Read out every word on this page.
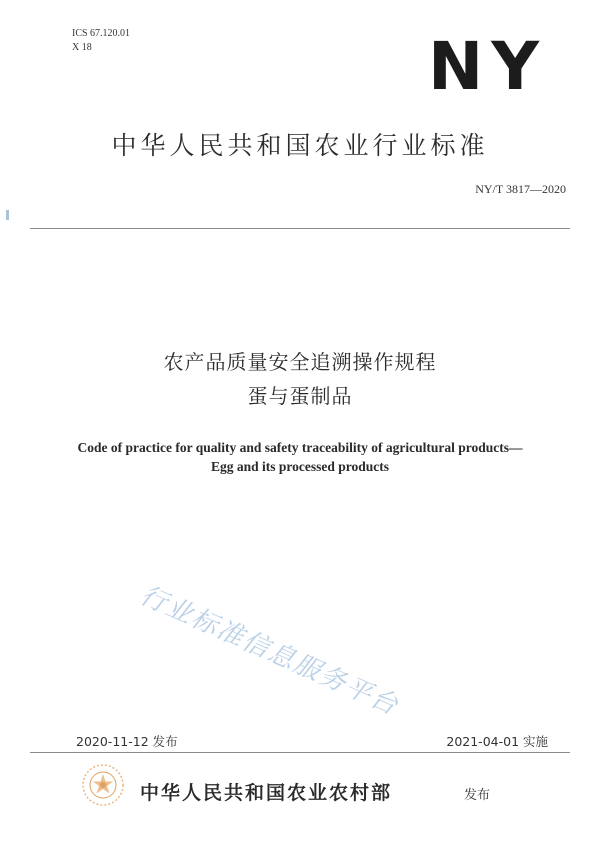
ICS 67.120.01
X 18	NY
中华人民共和国农业行业标准
NY/T 3817—2020
农产品质量安全追溯操作规程
蛋与蛋制品
Code of practice for quality and safety traceability of agricultural products—
Egg and its processed products
行业标准信息服务平台
2020-11-12 发布	2021-04-01 实施
中华人民共和国农业农村部	发布
